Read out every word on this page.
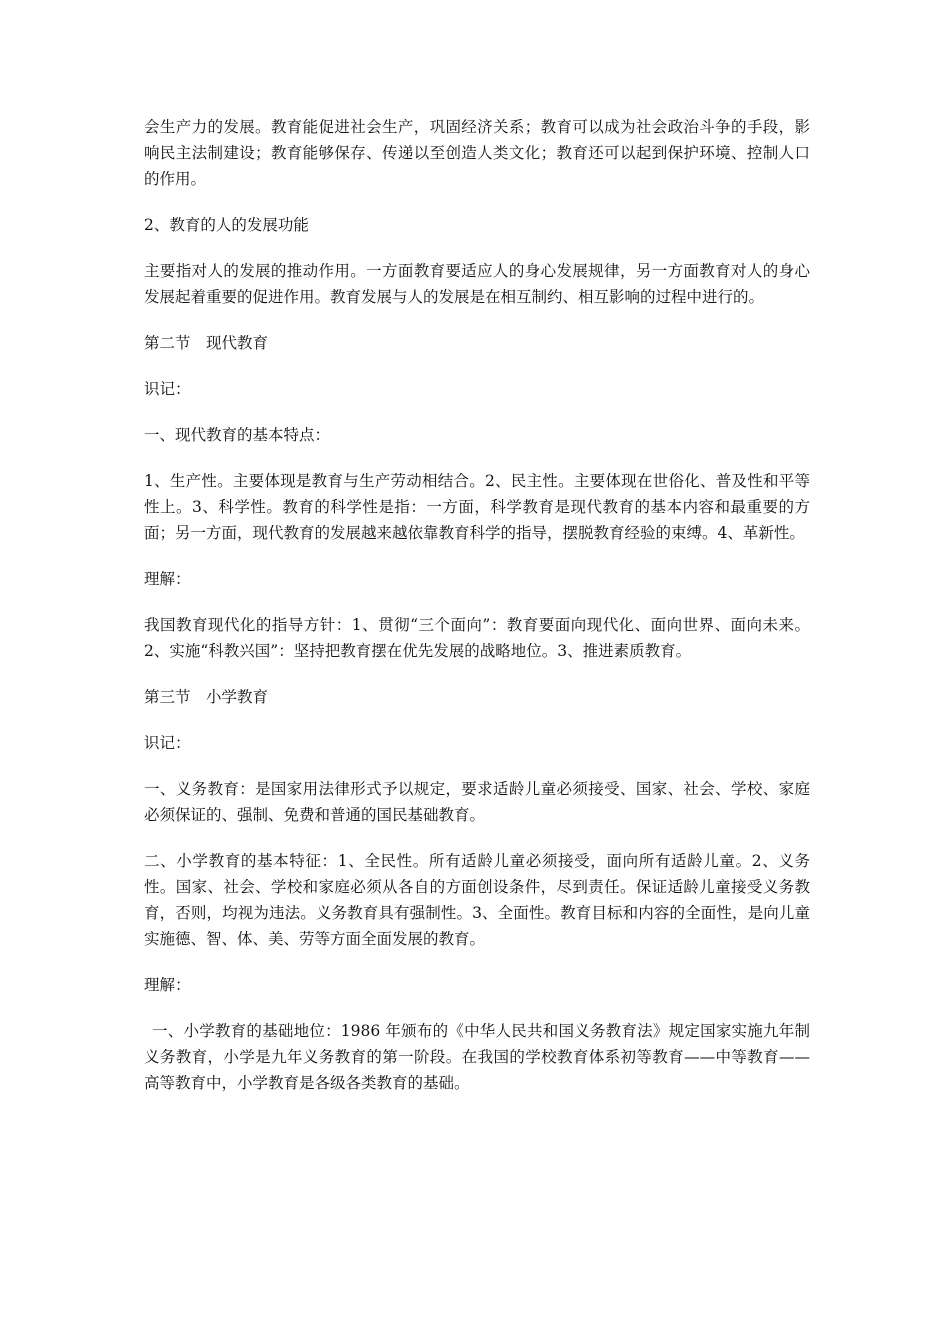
会生产力的发展。教育能促进社会生产，巩固经济关系；教育可以成为社会政治斗争的手段，影响民主法制建设；教育能够保存、传递以至创造人类文化；教育还可以起到保护环境、控制人口的作用。

2、教育的人的发展功能

主要指对人的发展的推动作用。一方面教育要适应人的身心发展规律，另一方面教育对人的身心发展起着重要的促进作用。教育发展与人的发展是在相互制约、相互影响的过程中进行的。

第二节　现代教育

识记：

一、现代教育的基本特点：

1、生产性。主要体现是教育与生产劳动相结合。2、民主性。主要体现在世俗化、普及性和平等性上。3、科学性。教育的科学性是指：一方面，科学教育是现代教育的基本内容和最重要的方面；另一方面，现代教育的发展越来越依靠教育科学的指导，摆脱教育经验的束缚。4、革新性。

理解：

我国教育现代化的指导方针：1、贯彻“三个面向”：教育要面向现代化、面向世界、面向未来。2、实施“科教兴国”：坚持把教育摆在优先发展的战略地位。3、推进素质教育。

第三节　小学教育

识记：

一、义务教育：是国家用法律形式予以规定，要求适龄儿童必须接受、国家、社会、学校、家庭必须保证的、强制、免费和普通的国民基础教育。

二、小学教育的基本特征：1、全民性。所有适龄儿童必须接受，面向所有适龄儿童。2、义务性。国家、社会、学校和家庭必须从各自的方面创设条件，尽到责任。保证适龄儿童接受义务教育，否则，均视为违法。义务教育具有强制性。3、全面性。教育目标和内容的全面性，是向儿童实施德、智、体、美、劳等方面全面发展的教育。

理解：

一、小学教育的基础地位：1986 年颁布的《中华人民共和国义务教育法》规定国家实施九年制义务教育，小学是九年义务教育的第一阶段。在我国的学校教育体系初等教育——中等教育——高等教育中，小学教育是各级各类教育的基础。
